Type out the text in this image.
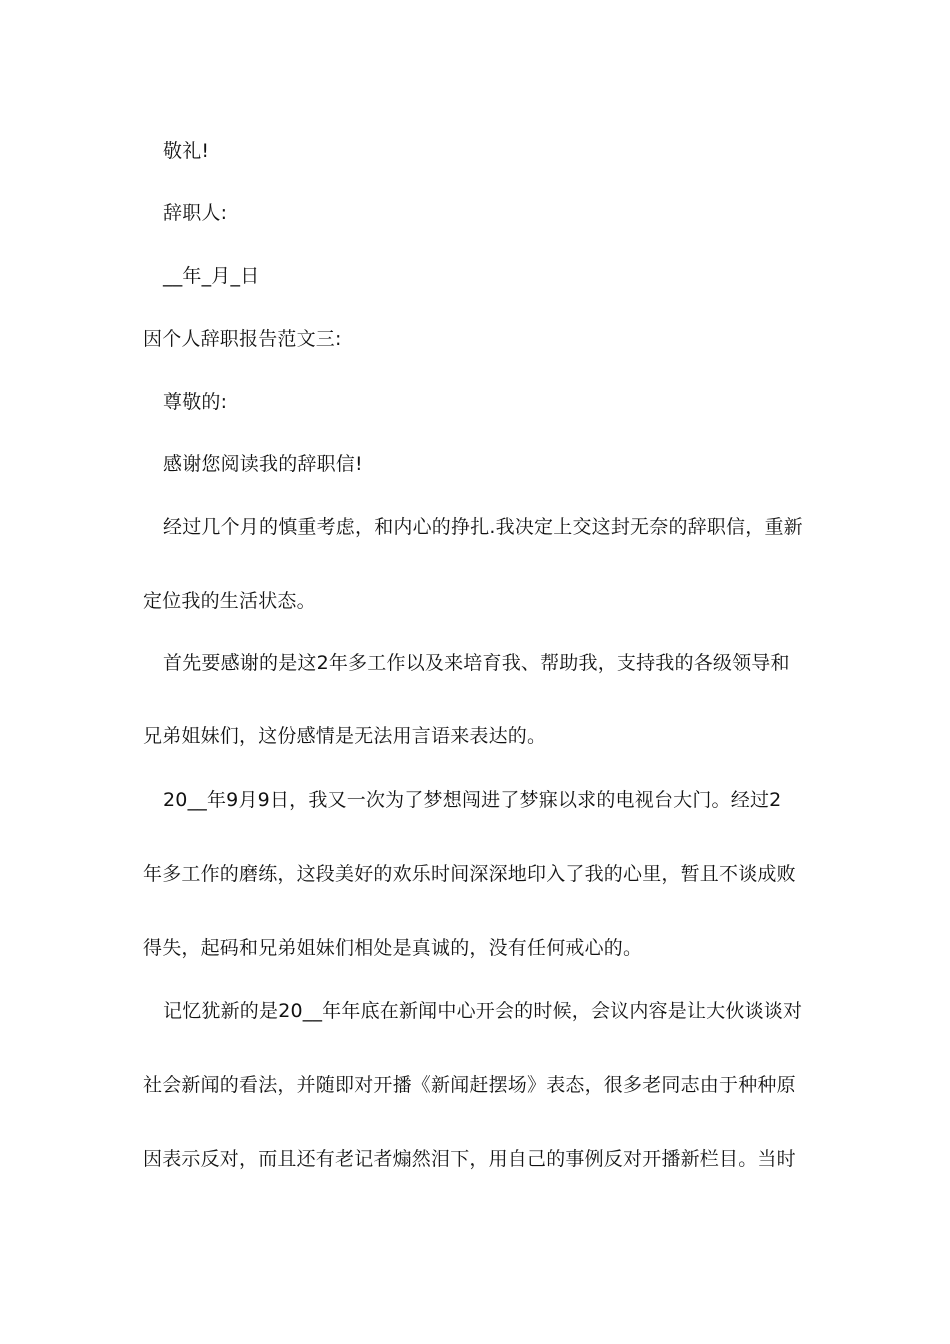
敬礼!
辞职人:
__年_月_日
因个人辞职报告范文三:
尊敬的:
感谢您阅读我的辞职信!
经过几个月的慎重考虑，和内心的挣扎.我决定上交这封无奈的辞职信，重新
定位我的生活状态。
首先要感谢的是这2年多工作以及来培育我、帮助我，支持我的各级领导和
兄弟姐妹们，这份感情是无法用言语来表达的。
20__年9月9日，我又一次为了梦想闯进了梦寐以求的电视台大门。经过2
年多工作的磨练，这段美好的欢乐时间深深地印入了我的心里，暂且不谈成败
得失，起码和兄弟姐妹们相处是真诚的，没有任何戒心的。
记忆犹新的是20__年年底在新闻中心开会的时候，会议内容是让大伙谈谈对
社会新闻的看法，并随即对开播《新闻赶摆场》表态，很多老同志由于种种原
因表示反对，而且还有老记者煽然泪下，用自己的事例反对开播新栏目。当时
